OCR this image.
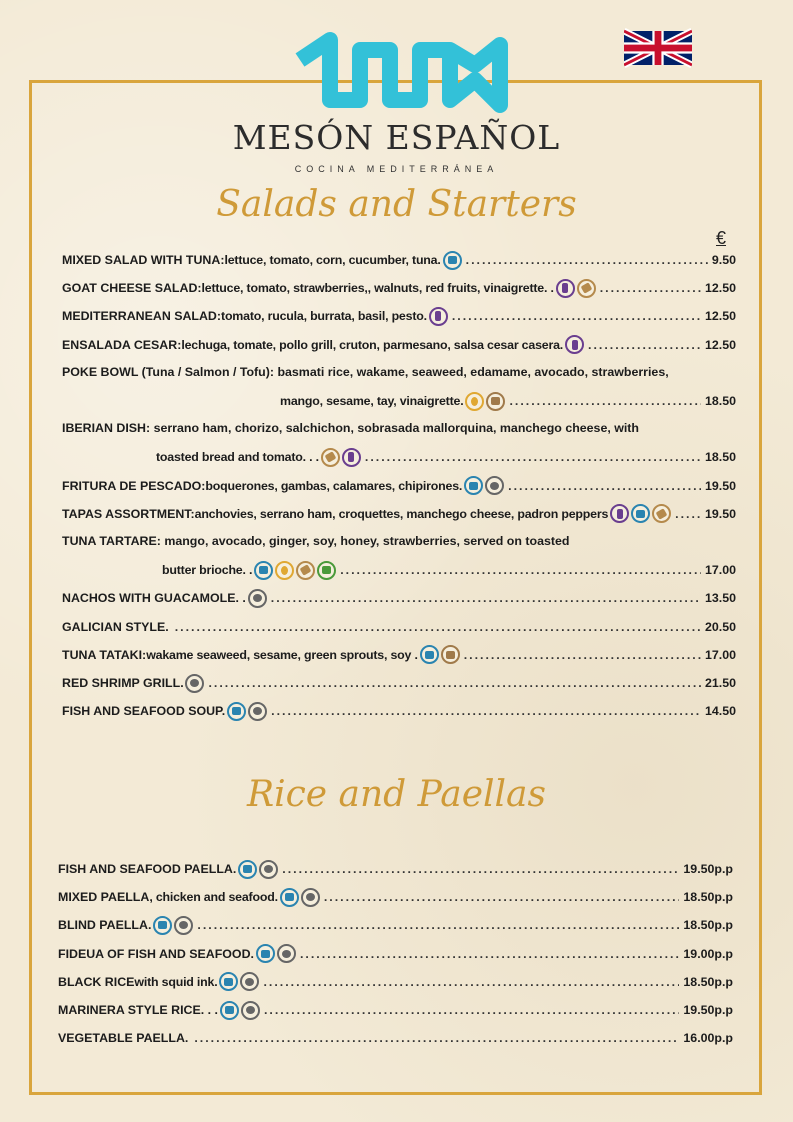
MESÓN ESPAÑOL
COCINA MEDITERRÁNEA
Salads and Starters
€
MIXED SALAD WITH TUNA: lettuce, tomato, corn, cucumber, tuna. .....	9.50
GOAT CHEESE SALAD: lettuce, tomato, strawberries,, walnuts, red fruits, vinaigrette. . .....	12.50
MEDITERRANEAN SALAD: tomato, rucula, burrata, basil, pesto. .....	12.50
ENSALADA CESAR: lechuga, tomate, pollo grill, cruton, parmesano, salsa cesar casera. .....	12.50
POKE BOWL (Tuna / Salmon / Tofu): basmati rice, wakame, seaweed, edamame, avocado, strawberries,
mango, sesame, tay, vinaigrette. .....	18.50
IBERIAN DISH: serrano ham, chorizo, salchichon, sobrasada mallorquina, manchego cheese, with
toasted bread and tomato. . . .....	18.50
FRITURA DE PESCADO: boquerones, gambas, calamares, chipirones. .....	19.50
TAPAS ASSORTMENT: anchovies, serrano ham, croquettes, manchego cheese, padron peppers .....	19.50
TUNA TARTARE: mango, avocado, ginger, soy, honey, strawberries, served on toasted
butter brioche. . .....	17.00
NACHOS WITH GUACAMOLE. . .....	13.50
GALICIAN STYLE. .....	20.50
TUNA TATAKI: wakame seaweed, sesame, green sprouts, soy . .....	17.00
RED SHRIMP GRILL . .....	21.50
FISH AND SEAFOOD SOUP. .....	14.50
Rice and Paellas
FISH AND SEAFOOD PAELLA. .....	19.50p.p
MIXED PAELLA , chicken and seafood. .....	18.50p.p
BLIND PAELLA. .....	18.50p.p
FIDEUA OF FISH AND SEAFOOD. .....	19.00p.p
BLACK RICE with squid ink. .....	18.50p.p
MARINERA STYLE RICE. . . .....	19.50p.p
VEGETABLE PAELLA. .....	16.00p.p
